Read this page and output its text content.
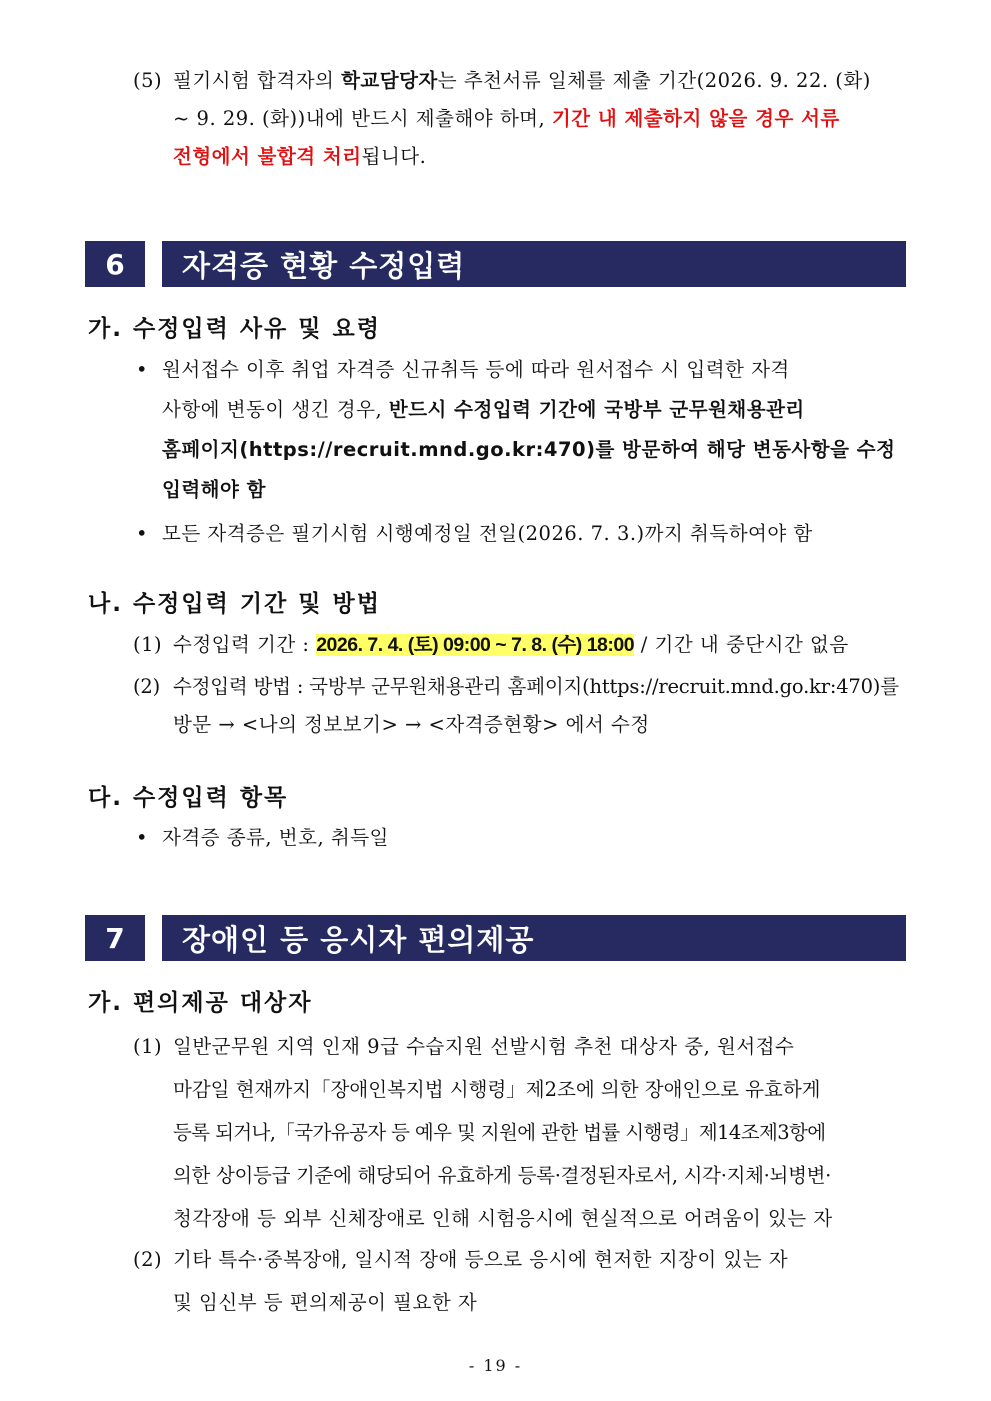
(5) 필기시험 합격자의 학교담당자는 추천서류 일체를 제출 기간(2026. 9. 22. (화)
~ 9. 29. (화))내에 반드시 제출해야 하며, 기간 내 제출하지 않을 경우 서류
전형에서 불합격 처리됩니다.
6	자격증 현황 수정입력
가. 수정입력 사유 및 요령
• 원서접수 이후 취업 자격증 신규취득 등에 따라 원서접수 시 입력한 자격
사항에 변동이 생긴 경우, 반드시 수정입력 기간에 국방부 군무원채용관리
홈페이지(https://recruit.mnd.go.kr:470)를 방문하여 해당 변동사항을 수정
입력해야 함
• 모든 자격증은 필기시험 시행예정일 전일(2026. 7. 3.)까지 취득하여야 함
나. 수정입력 기간 및 방법
(1) 수정입력 기간 : 2026. 7. 4. (토) 09:00 ~ 7. 8. (수) 18:00 / 기간 내 중단시간 없음
(2) 수정입력 방법 : 국방부 군무원채용관리 홈페이지(https://recruit.mnd.go.kr:470)를
방문 → <나의 정보보기> → <자격증현황> 에서 수정
다. 수정입력 항목
• 자격증 종류, 번호, 취득일
7	장애인 등 응시자 편의제공
가. 편의제공 대상자
(1) 일반군무원 지역 인재 9급 수습지원 선발시험 추천 대상자 중, 원서접수
마감일 현재까지「장애인복지법 시행령」제2조에 의한 장애인으로 유효하게
등록 되거나,「국가유공자 등 예우 및 지원에 관한 법률 시행령」제14조제3항에
의한 상이등급 기준에 해당되어 유효하게 등록·결정된자로서, 시각·지체·뇌병변·
청각장애 등 외부 신체장애로 인해 시험응시에 현실적으로 어려움이 있는 자
(2) 기타 특수·중복장애, 일시적 장애 등으로 응시에 현저한 지장이 있는 자
및 임신부 등 편의제공이 필요한 자
- 19 -
